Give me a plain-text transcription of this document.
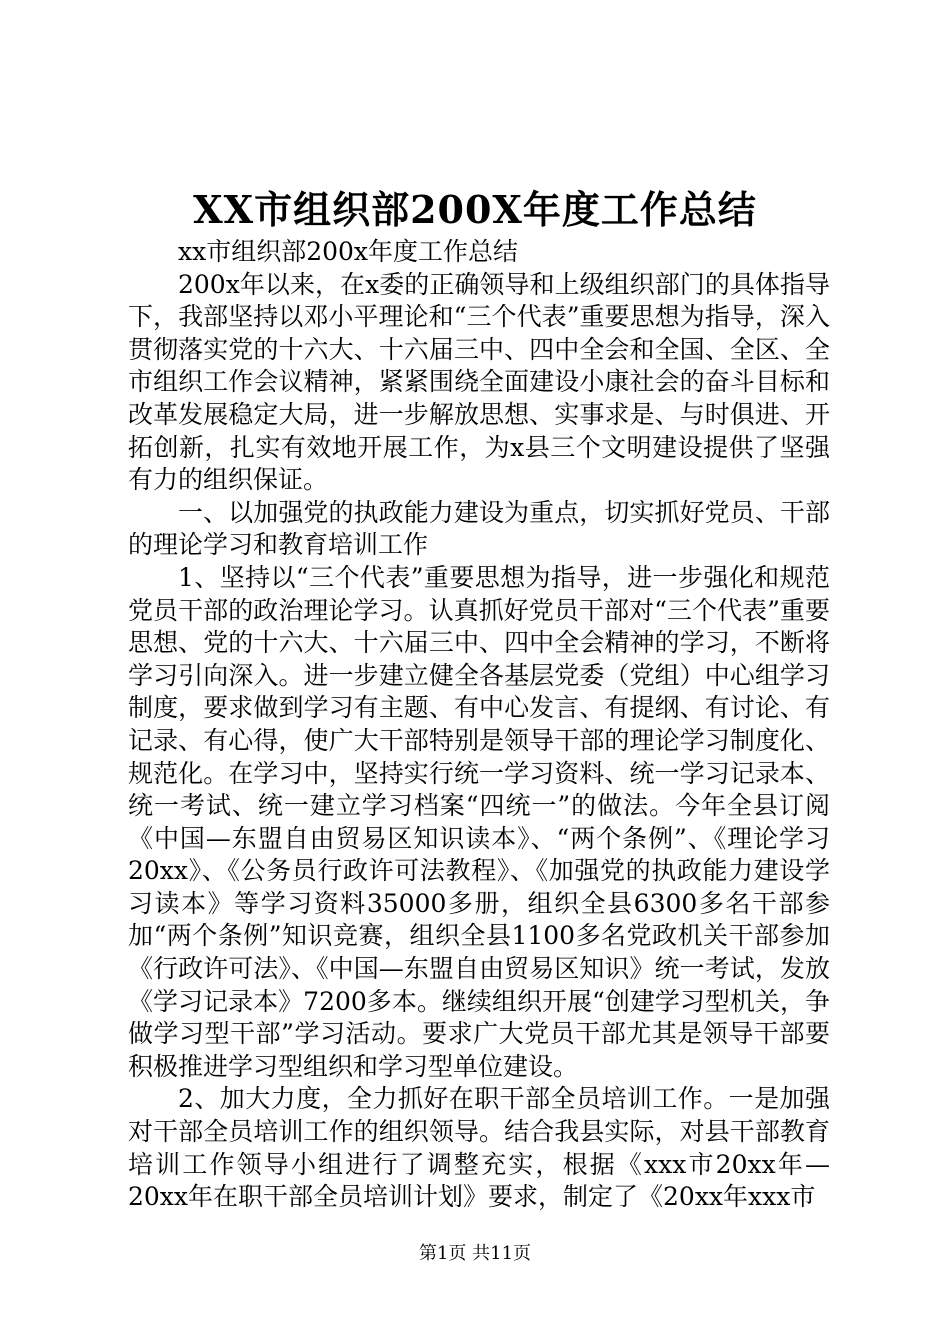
XX市组织部200X年度工作总结

xx市组织部200x年度工作总结

200x年以来，在x委的正确领导和上级组织部门的具体指导下，我部坚持以邓小平理论和“三个代表”重要思想为指导，深入贯彻落实党的十六大、十六届三中、四中全会和全国、全区、全市组织工作会议精神，紧紧围绕全面建设小康社会的奋斗目标和改革发展稳定大局，进一步解放思想、实事求是、与时俱进、开拓创新，扎实有效地开展工作，为x县三个文明建设提供了坚强有力的组织保证。

一、以加强党的执政能力建设为重点，切实抓好党员、干部的理论学习和教育培训工作

1、坚持以“三个代表”重要思想为指导，进一步强化和规范党员干部的政治理论学习。认真抓好党员干部对“三个代表”重要思想、党的十六大、十六届三中、四中全会精神的学习，不断将学习引向深入。进一步建立健全各基层党委（党组）中心组学习制度，要求做到学习有主题、有中心发言、有提纲、有讨论、有记录、有心得，使广大干部特别是领导干部的理论学习制度化、规范化。在学习中，坚持实行统一学习资料、统一学习记录本、统一考试、统一建立学习档案“四统一”的做法。今年全县订阅《中国—东盟自由贸易区知识读本》、“两个条例”、《理论学习20xx》、《公务员行政许可法教程》、《加强党的执政能力建设学习读本》等学习资料35000多册，组织全县6300多名干部参加“两个条例”知识竞赛，组织全县1100多名党政机关干部参加《行政许可法》、《中国—东盟自由贸易区知识》统一考试，发放《学习记录本》7200多本。继续组织开展“创建学习型机关，争做学习型干部”学习活动。要求广大党员干部尤其是领导干部要积极推进学习型组织和学习型单位建设。

2、加大力度，全力抓好在职干部全员培训工作。一是加强对干部全员培训工作的组织领导。结合我县实际，对县干部教育培训工作领导小组进行了调整充实，根据《xxx市20xx年—20xx年在职干部全员培训计划》要求，制定了《20xx年xxx市

第1页 共11页
